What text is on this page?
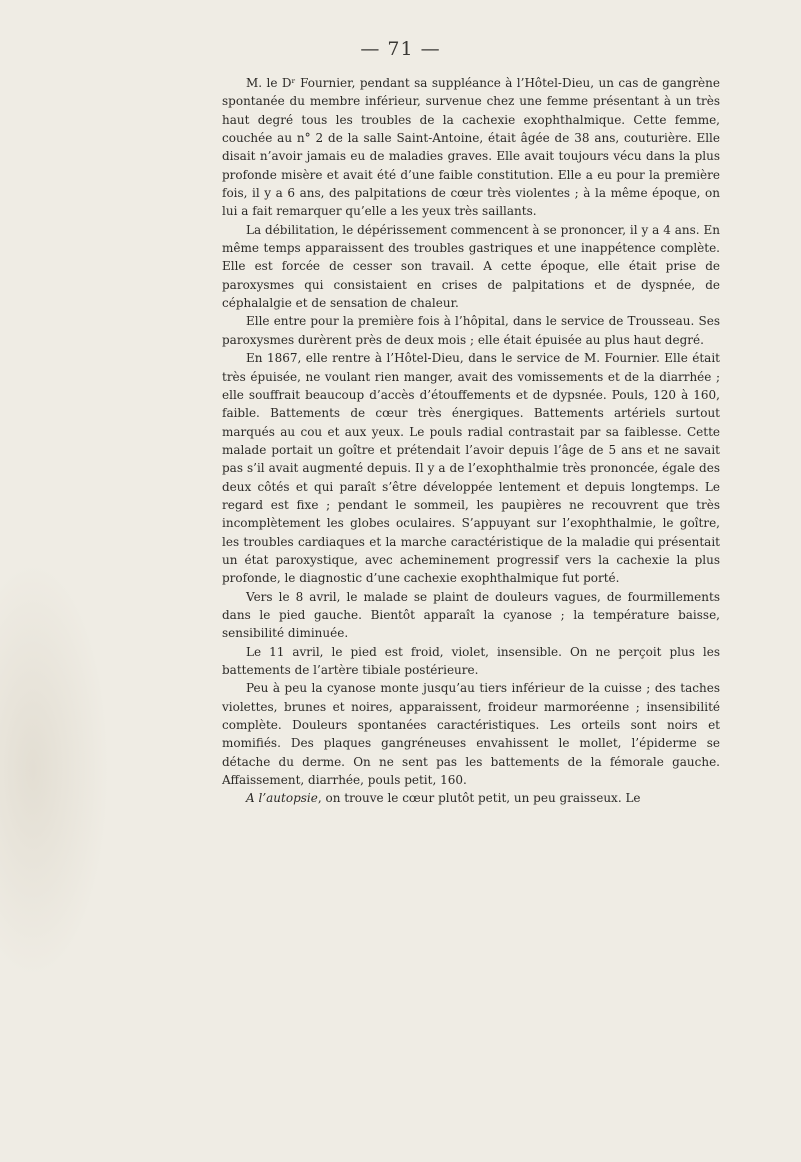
— 71 —

M. le Dʳ Fournier, pendant sa suppléance à l’Hôtel-Dieu, un cas de gangrène spontanée du membre inférieur, survenue chez une femme présentant à un très haut degré tous les troubles de la cachexie exophthalmique. Cette femme, couchée au n° 2 de la salle Saint-Antoine, était âgée de 38 ans, couturière. Elle disait n’avoir jamais eu de maladies graves. Elle avait toujours vécu dans la plus profonde misère et avait été d’une faible constitution. Elle a eu pour la première fois, il y a 6 ans, des palpitations de cœur très violentes ; à la même époque, on lui a fait remarquer qu’elle a les yeux très saillants.

La débilitation, le dépérissement commencent à se prononcer, il y a 4 ans. En même temps apparaissent des troubles gastriques et une inappétence complète. Elle est forcée de cesser son travail. A cette époque, elle était prise de paroxysmes qui consistaient en crises de palpitations et de dyspnée, de céphalalgie et de sensation de chaleur.

Elle entre pour la première fois à l’hôpital, dans le service de Trousseau. Ses paroxysmes durèrent près de deux mois ; elle était épuisée au plus haut degré.

En 1867, elle rentre à l’Hôtel-Dieu, dans le service de M. Fournier. Elle était très épuisée, ne voulant rien manger, avait des vomissements et de la diarrhée ; elle souffrait beaucoup d’accès d’étouffements et de dypsnée. Pouls, 120 à 160, faible. Battements de cœur très énergiques. Battements artériels surtout marqués au cou et aux yeux. Le pouls radial contrastait par sa faiblesse. Cette malade portait un goître et prétendait l’avoir depuis l’âge de 5 ans et ne savait pas s’il avait augmenté depuis. Il y a de l’exophthalmie très prononcée, égale des deux côtés et qui paraît s’être développée lentement et depuis longtemps. Le regard est fixe ; pendant le sommeil, les paupières ne recouvrent que très incomplètement les globes oculaires. S’appuyant sur l’exophthalmie, le goître, les troubles cardiaques et la marche caractéristique de la maladie qui présentait un état paroxystique, avec acheminement progressif vers la cachexie la plus profonde, le diagnostic d’une cachexie exophthalmique fut porté.

Vers le 8 avril, le malade se plaint de douleurs vagues, de fourmillements dans le pied gauche. Bientôt apparaît la cyanose ; la température baisse, sensibilité diminuée.

Le 11 avril, le pied est froid, violet, insensible. On ne perçoit plus les battements de l’artère tibiale postérieure.

Peu à peu la cyanose monte jusqu’au tiers inférieur de la cuisse ; des taches violettes, brunes et noires, apparaissent, froideur marmoréenne ; insensibilité complète. Douleurs spontanées caractéristiques. Les orteils sont noirs et momifiés. Des plaques gangréneuses envahissent le mollet, l’épiderme se détache du derme. On ne sent pas les battements de la fémorale gauche. Affaissement, diarrhée, pouls petit, 160.

A l’autopsie, on trouve le cœur plutôt petit, un peu graisseux. Le
